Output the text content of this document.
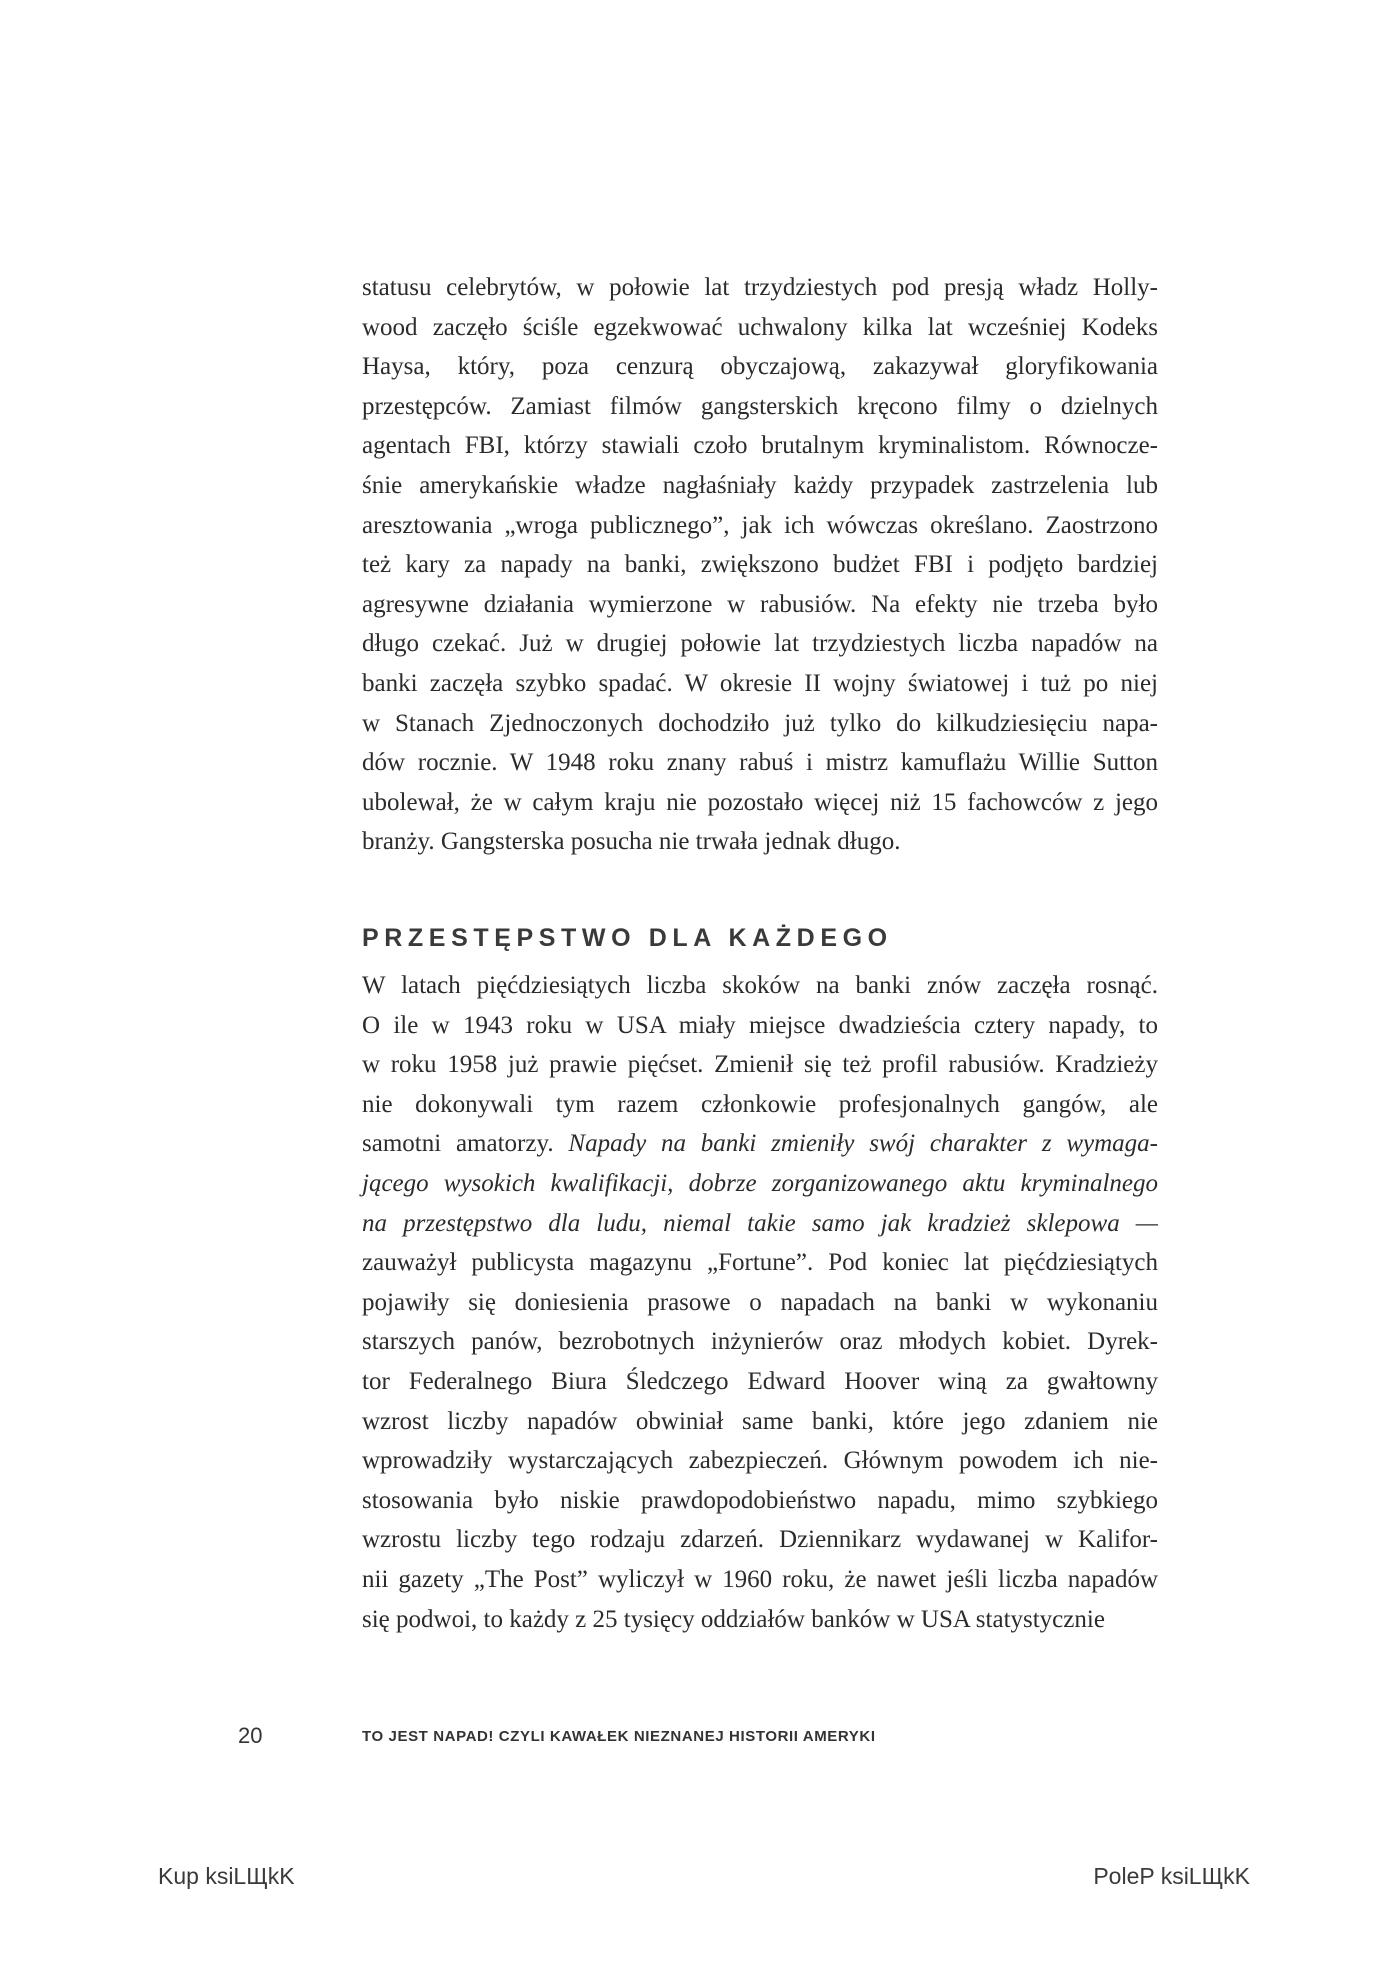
statusu celebrytów, w połowie lat trzydziestych pod presją władz Holly-
wood zaczęło ściśle egzekwować uchwalony kilka lat wcześniej Kodeks
Haysa, który, poza cenzurą obyczajową, zakazywał gloryfikowania
przestępców. Zamiast filmów gangsterskich kręcono filmy o dzielnych
agentach FBI, którzy stawiali czoło brutalnym kryminalistom. Równocze-
śnie amerykańskie władze nagłaśniały każdy przypadek zastrzelenia lub
aresztowania „wroga publicznego”, jak ich wówczas określano. Zaostrzono
też kary za napady na banki, zwiększono budżet FBI i podjęto bardziej
agresywne działania wymierzone w rabusiów. Na efekty nie trzeba było
długo czekać. Już w drugiej połowie lat trzydziestych liczba napadów na
banki zaczęła szybko spadać. W okresie II wojny światowej i tuż po niej
w Stanach Zjednoczonych dochodziło już tylko do kilkudziesięciu napa-
dów rocznie. W 1948 roku znany rabuś i mistrz kamuflażu Willie Sutton
ubolewał, że w całym kraju nie pozostało więcej niż 15 fachowców z jego
branży. Gangsterska posucha nie trwała jednak długo.
PRZESTĘPSTWO DLA KAŻDEGO
W latach pięćdziesiątych liczba skoków na banki znów zaczęła rosnąć.
O ile w 1943 roku w USA miały miejsce dwadzieścia cztery napady, to
w roku 1958 już prawie pięćset. Zmienił się też profil rabusiów. Kradzieży
nie dokonywali tym razem członkowie profesjonalnych gangów, ale
samotni amatorzy. Napady na banki zmieniły swój charakter z wymaga-
jącego wysokich kwalifikacji, dobrze zorganizowanego aktu kryminalnego
na przestępstwo dla ludu, niemal takie samo jak kradzież sklepowa —
zauważył publicysta magazynu „Fortune”. Pod koniec lat pięćdziesiątych
pojawiły się doniesienia prasowe o napadach na banki w wykonaniu
starszych panów, bezrobotnych inżynierów oraz młodych kobiet. Dyrek-
tor Federalnego Biura Śledczego Edward Hoover winą za gwałtowny
wzrost liczby napadów obwiniał same banki, które jego zdaniem nie
wprowadziły wystarczających zabezpieczeń. Głównym powodem ich nie-
stosowania było niskie prawdopodobieństwo napadu, mimo szybkiego
wzrostu liczby tego rodzaju zdarzeń. Dziennikarz wydawanej w Kalifor-
nii gazety „The Post” wyliczył w 1960 roku, że nawet jeśli liczba napadów
się podwoi, to każdy z 25 tysięcy oddziałów banków w USA statystycznie
20	TO JEST NAPAD! CZYLI KAWAŁEK NIEZNANEJ HISTORII AMERYKI
Kup ksiLЩkK	PoleP ksiLЩkK
